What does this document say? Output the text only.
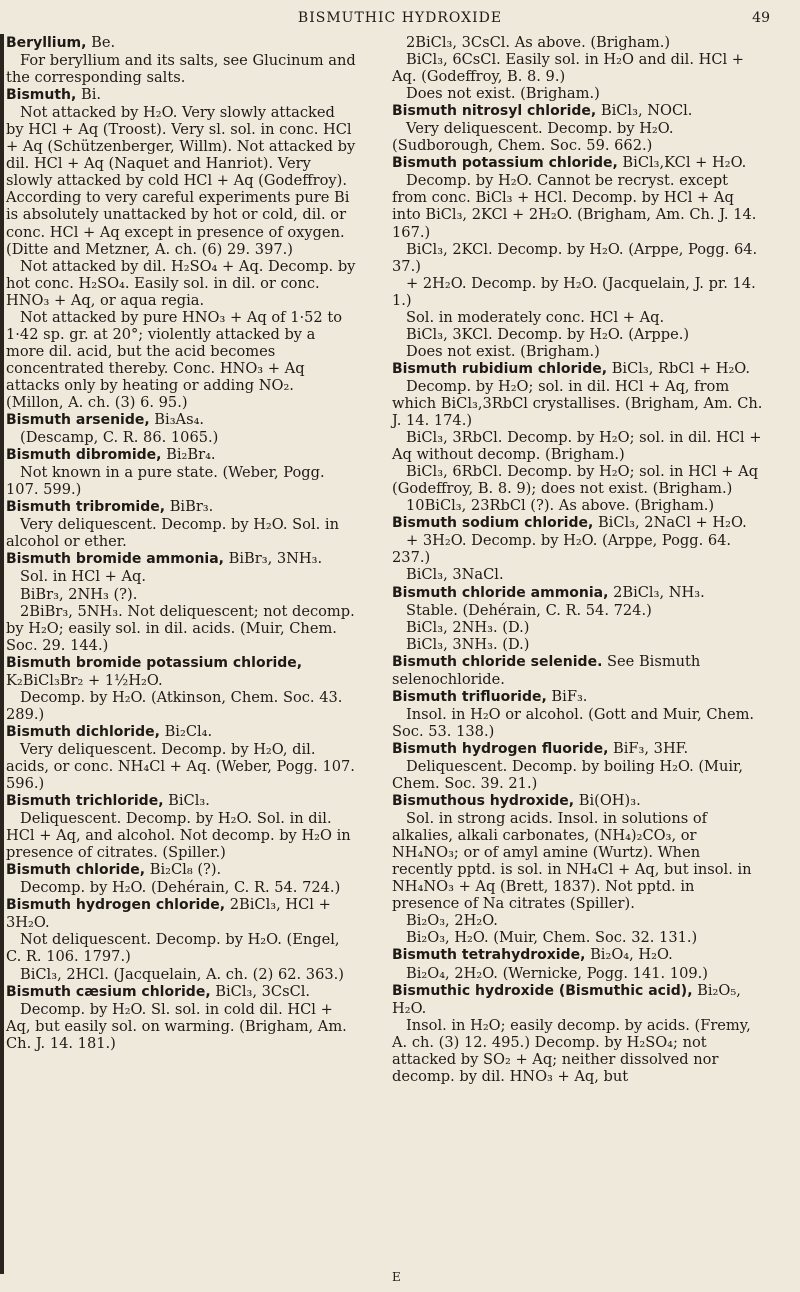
BISMUTHIC HYDROXIDE	49
Beryllium, Be.
For beryllium and its salts, see Glucinum and the corresponding salts.
Bismuth, Bi.
Not attacked by H₂O. Very slowly attacked by HCl + Aq (Troost). Very sl. sol. in conc. HCl + Aq (Schützenberger, Willm). Not attacked by dil. HCl + Aq (Naquet and Hanriot). Very slowly attacked by cold HCl + Aq (Godeffroy). According to very careful experiments pure Bi is absolutely unattacked by hot or cold, dil. or conc. HCl + Aq except in presence of oxygen. (Ditte and Metzner, A. ch. (6) 29. 397.)
Not attacked by dil. H₂SO₄ + Aq. Decomp. by hot conc. H₂SO₄. Easily sol. in dil. or conc. HNO₃ + Aq, or aqua regia.
Not attacked by pure HNO₃ + Aq of 1·52 to 1·42 sp. gr. at 20°; violently attacked by a more dil. acid, but the acid becomes concentrated thereby. Conc. HNO₃ + Aq attacks only by heating or adding NO₂. (Millon, A. ch. (3) 6. 95.)
Bismuth arsenide, Bi₃As₄.
(Descamp, C. R. 86. 1065.)
Bismuth dibromide, Bi₂Br₄.
Not known in a pure state. (Weber, Pogg. 107. 599.)
Bismuth tribromide, BiBr₃.
Very deliquescent. Decomp. by H₂O. Sol. in alcohol or ether.
Bismuth bromide ammonia, BiBr₃, 3NH₃.
Sol. in HCl + Aq.
BiBr₃, 2NH₃ (?).
2BiBr₃, 5NH₃. Not deliquescent; not decomp. by H₂O; easily sol. in dil. acids. (Muir, Chem. Soc. 29. 144.)
Bismuth bromide potassium chloride, K₂BiCl₃Br₂ + 1½H₂O.
Decomp. by H₂O. (Atkinson, Chem. Soc. 43. 289.)
Bismuth dichloride, Bi₂Cl₄.
Very deliquescent. Decomp. by H₂O, dil. acids, or conc. NH₄Cl + Aq. (Weber, Pogg. 107. 596.)
Bismuth trichloride, BiCl₃.
Deliquescent. Decomp. by H₂O. Sol. in dil. HCl + Aq, and alcohol. Not decomp. by H₂O in presence of citrates. (Spiller.)
Bismuth chloride, Bi₂Cl₈ (?).
Decomp. by H₂O. (Dehérain, C. R. 54. 724.)
Bismuth hydrogen chloride, 2BiCl₃, HCl + 3H₂O.
Not deliquescent. Decomp. by H₂O. (Engel, C. R. 106. 1797.)
BiCl₃, 2HCl. (Jacquelain, A. ch. (2) 62. 363.)
Bismuth cæsium chloride, BiCl₃, 3CsCl.
Decomp. by H₂O. Sl. sol. in cold dil. HCl + Aq, but easily sol. on warming. (Brigham, Am. Ch. J. 14. 181.)
2BiCl₃, 3CsCl. As above. (Brigham.)
BiCl₃, 6CsCl. Easily sol. in H₂O and dil. HCl + Aq. (Godeffroy, B. 8. 9.)
Does not exist. (Brigham.)
Bismuth nitrosyl chloride, BiCl₃, NOCl.
Very deliquescent. Decomp. by H₂O. (Sudborough, Chem. Soc. 59. 662.)
Bismuth potassium chloride, BiCl₃,KCl + H₂O.
Decomp. by H₂O. Cannot be recryst. except from conc. BiCl₃ + HCl. Decomp. by HCl + Aq into BiCl₃, 2KCl + 2H₂O. (Brigham, Am. Ch. J. 14. 167.)
BiCl₃, 2KCl. Decomp. by H₂O. (Arppe, Pogg. 64. 37.)
+ 2H₂O. Decomp. by H₂O. (Jacquelain, J. pr. 14. 1.)
Sol. in moderately conc. HCl + Aq.
BiCl₃, 3KCl. Decomp. by H₂O. (Arppe.)
Does not exist. (Brigham.)
Bismuth rubidium chloride, BiCl₃, RbCl + H₂O.
Decomp. by H₂O; sol. in dil. HCl + Aq, from which BiCl₃,3RbCl crystallises. (Brigham, Am. Ch. J. 14. 174.)
BiCl₃, 3RbCl. Decomp. by H₂O; sol. in dil. HCl + Aq without decomp. (Brigham.)
BiCl₃, 6RbCl. Decomp. by H₂O; sol. in HCl + Aq (Godeffroy, B. 8. 9); does not exist. (Brigham.)
10BiCl₃, 23RbCl (?). As above. (Brigham.)
Bismuth sodium chloride, BiCl₃, 2NaCl + H₂O.
+ 3H₂O. Decomp. by H₂O. (Arppe, Pogg. 64. 237.)
BiCl₃, 3NaCl.
Bismuth chloride ammonia, 2BiCl₃, NH₃.
Stable. (Dehérain, C. R. 54. 724.)
BiCl₃, 2NH₃. (D.)
BiCl₃, 3NH₃. (D.)
Bismuth chloride selenide. See Bismuth selenochloride.
Bismuth trifluoride, BiF₃.
Insol. in H₂O or alcohol. (Gott and Muir, Chem. Soc. 53. 138.)
Bismuth hydrogen fluoride, BiF₃, 3HF.
Deliquescent. Decomp. by boiling H₂O. (Muir, Chem. Soc. 39. 21.)
Bismuthous hydroxide, Bi(OH)₃.
Sol. in strong acids. Insol. in solutions of alkalies, alkali carbonates, (NH₄)₂CO₃, or NH₄NO₃; or of amyl amine (Wurtz). When recently pptd. is sol. in NH₄Cl + Aq, but insol. in NH₄NO₃ + Aq (Brett, 1837). Not pptd. in presence of Na citrates (Spiller).
Bi₂O₃, 2H₂O.
Bi₂O₃, H₂O. (Muir, Chem. Soc. 32. 131.)
Bismuth tetrahydroxide, Bi₂O₄, H₂O.
Bi₂O₄, 2H₂O. (Wernicke, Pogg. 141. 109.)
Bismuthic hydroxide (Bismuthic acid), Bi₂O₅, H₂O.
Insol. in H₂O; easily decomp. by acids. (Fremy, A. ch. (3) 12. 495.) Decomp. by H₂SO₄; not attacked by SO₂ + Aq; neither dissolved nor decomp. by dil. HNO₃ + Aq, but
E
